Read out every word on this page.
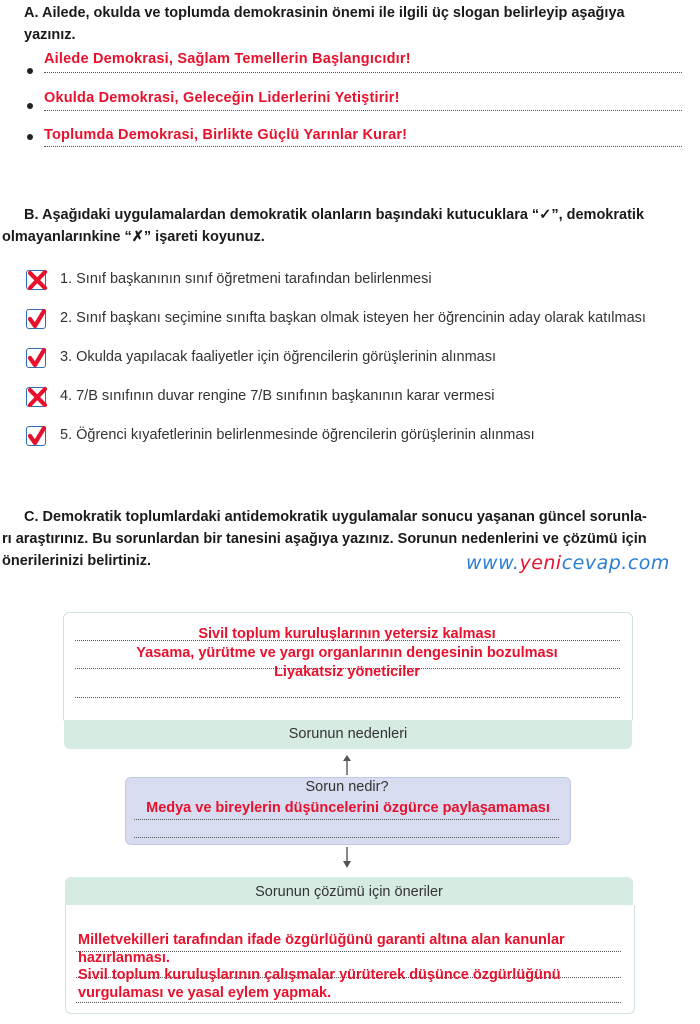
A. Ailede, okulda ve toplumda demokrasinin önemi ile ilgili üç slogan belirleyip aşağıya
yazınız.
Ailede Demokrasi, Sağlam Temellerin Başlangıcıdır!
Okulda Demokrasi, Geleceğin Liderlerini Yetiştirir!
Toplumda Demokrasi, Birlikte Güçlü Yarınlar Kurar!
B. Aşağıdaki uygulamalardan demokratik olanların başındaki kutucuklara “✓”, demokratik
olmayanlarınkine “✗” işareti koyunuz.
1. Sınıf başkanının sınıf öğretmeni tarafından belirlenmesi
2. Sınıf başkanı seçimine sınıfta başkan olmak isteyen her öğrencinin aday olarak katılması
3. Okulda yapılacak faaliyetler için öğrencilerin görüşlerinin alınması
4. 7/B sınıfının duvar rengine 7/B sınıfının başkanının karar vermesi
5. Öğrenci kıyafetlerinin belirlenmesinde öğrencilerin görüşlerinin alınması
C. Demokratik toplumlardaki antidemokratik uygulamalar sonucu yaşanan güncel sorunla-
rı araştırınız. Bu sorunlardan bir tanesini aşağıya yazınız. Sorunun nedenlerini ve çözümü için
önerilerinizi belirtiniz.	www.yenicevap.com
Sivil toplum kuruluşlarının yetersiz kalması
Yasama, yürütme ve yargı organlarının dengesinin bozulması
Liyakatsiz yöneticiler
Sorunun nedenleri
Sorun nedir?
Medya ve bireylerin düşüncelerini özgürce paylaşamaması
Sorunun çözümü için öneriler
Milletvekilleri tarafından ifade özgürlüğünü garanti altına alan kanunlar
hazırlanması.
Sivil toplum kuruluşlarının çalışmalar yürüterek düşünce özgürlüğünü
vurgulaması ve yasal eylem yapmak.
